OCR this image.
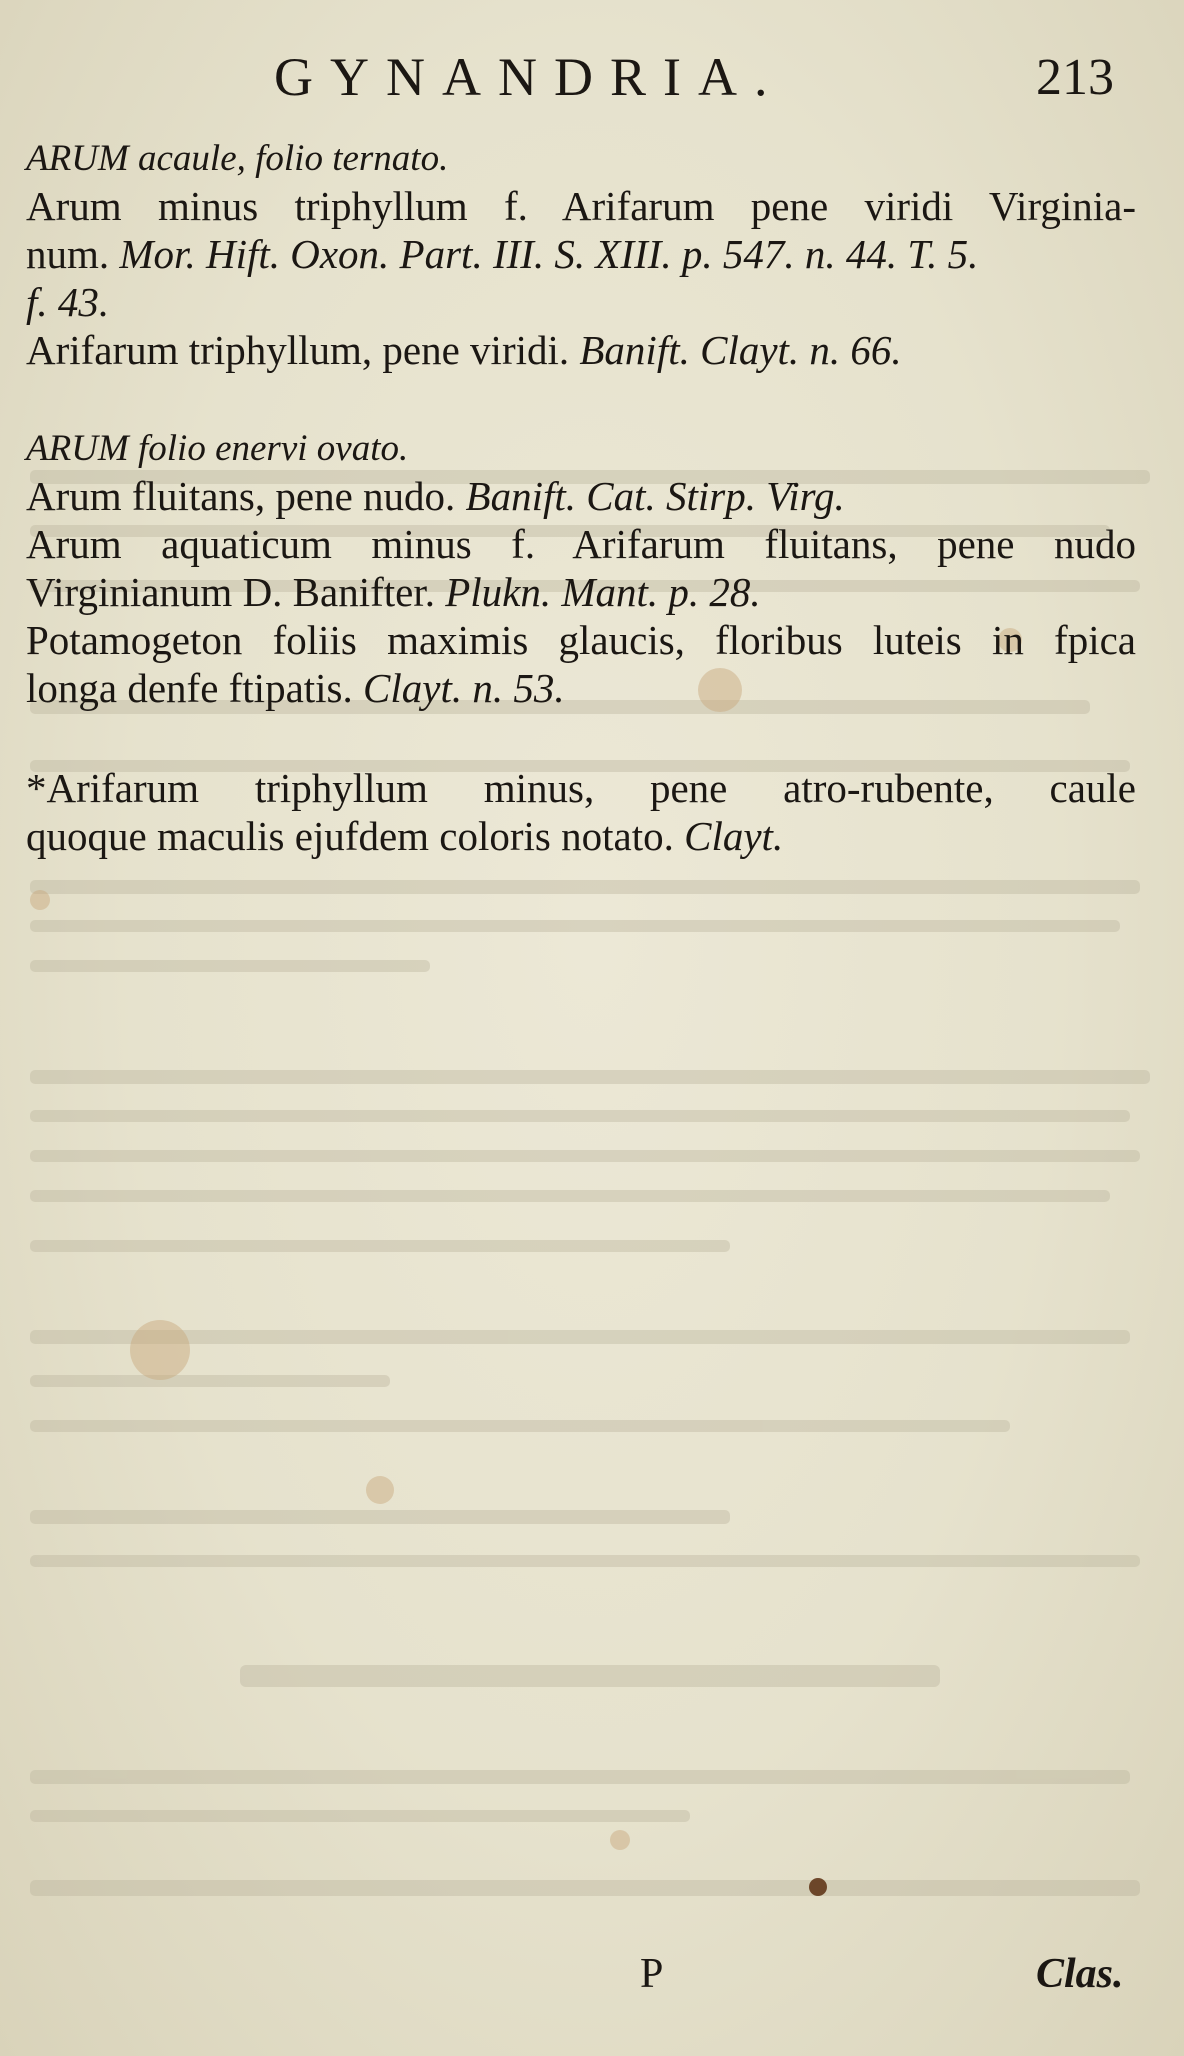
GYNANDRIA.	213
ARUM acaule, folio ternato.
Arum minus triphyllum f. Arifarum pene viridi Virginia-
num. Mor. Hift. Oxon. Part. III. S. XIII. p. 547. n. 44. T. 5.
f. 43.
Arifarum triphyllum, pene viridi. Banift. Clayt. n. 66.
ARUM folio enervi ovato.
Arum fluitans, pene nudo. Banift. Cat. Stirp. Virg.
Arum aquaticum minus f. Arifarum fluitans, pene nudo
Virginianum D. Banifter. Plukn. Mant. p. 28.
Potamogeton foliis maximis glaucis, floribus luteis in fpica
longa denfe ftipatis. Clayt. n. 53.
*Arifarum triphyllum minus, pene atro-rubente, caule
quoque maculis ejufdem coloris notato. Clayt.
P	Clas.
